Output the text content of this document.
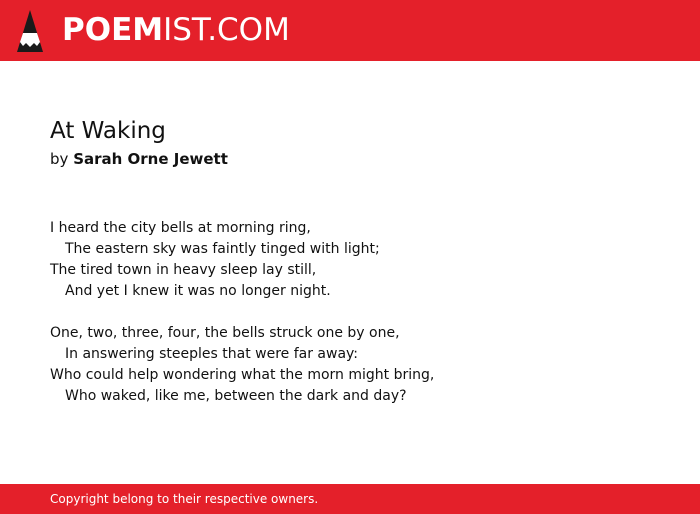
POEMIST.COM
At Waking

by Sarah Orne Jewett

I heard the city bells at morning ring,
The eastern sky was faintly tinged with light;
The tired town in heavy sleep lay still,
And yet I knew it was no longer night.
One, two, three, four, the bells struck one by one,
In answering steeples that were far away:
Who could help wondering what the morn might bring,
Who waked, like me, between the dark and day?
Copyright belong to their respective owners.
